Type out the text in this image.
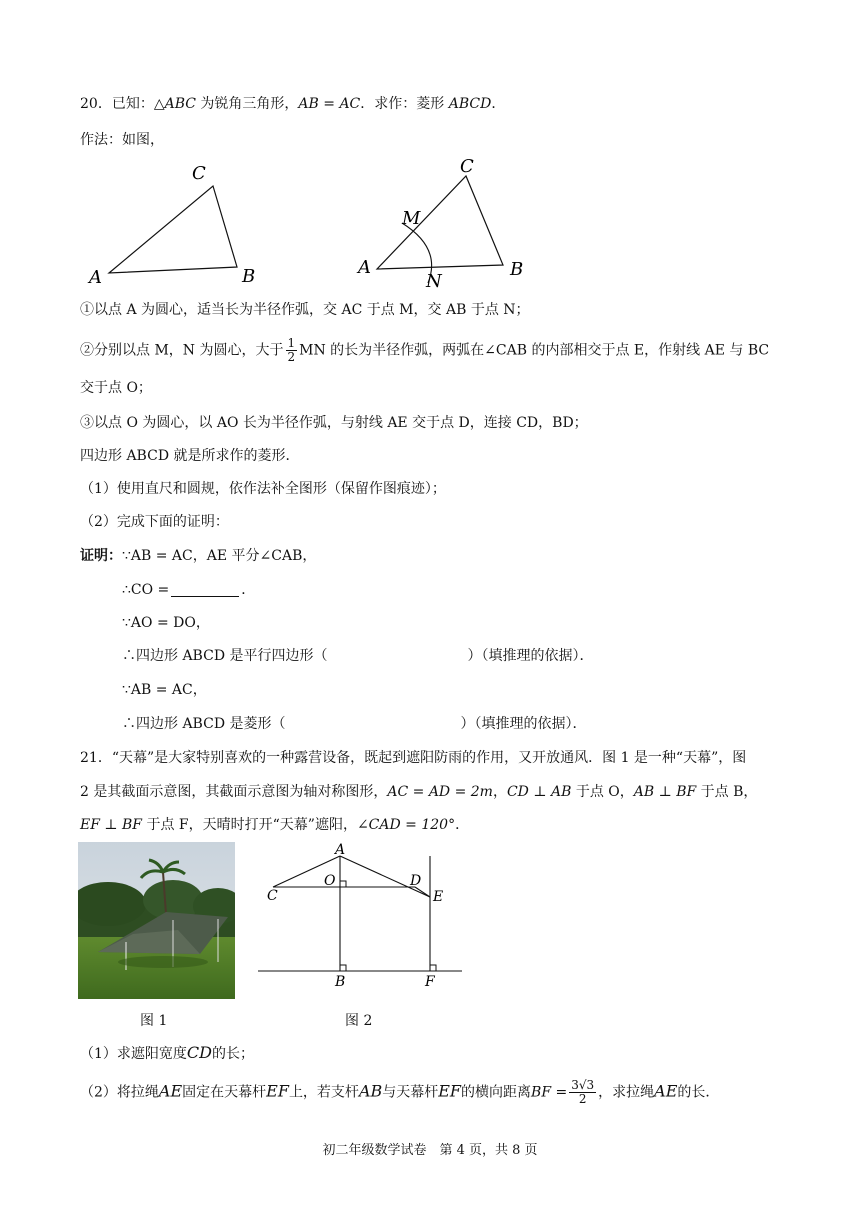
20．已知：△ABC 为锐角三角形，AB = AC．求作：菱形 ABCD．
作法：如图，
A
C
B	A
C
B
M
N
①以点 A 为圆心，适当长为半径作弧，交 AC 于点 M，交 AB 于点 N；
②分别以点 M，N 为圆心，大于 $\frac{1}{2}$ MN 的长为半径作弧，两弧在∠CAB 的内部相交于点 E，作射线 AE 与 BC
交于点 O；
③以点 O 为圆心，以 AO 长为半径作弧，与射线 AE 交于点 D，连接 CD，BD；
四边形 ABCD 就是所求作的菱形．
（1）使用直尺和圆规，依作法补全图形（保留作图痕迹）；
（2）完成下面的证明：
证明：∵AB = AC，AE 平分∠CAB，
∴CO =	．
∵AO = DO，
∴四边形 ABCD 是平行四边形（	）（填推理的依据）．
∵AB = AC，
∴四边形 ABCD 是菱形（	）（填推理的依据）．
21．“天幕”是大家特别喜欢的一种露营设备，既起到遮阳防雨的作用，又开放通风．图 1 是一种“天幕”，图
2 是其截面示意图，其截面示意图为轴对称图形，AC = AD = 2m，CD ⊥ AB 于点 O，AB ⊥ BF 于点 B，
EF ⊥ BF 于点 F，天晴时打开“天幕”遮阳，∠CAD = 120°．
A
C
O	D
E
B	F
图 1	图 2
（1）求遮阳宽度CD的长；
（2）将拉绳AE固定在天幕杆EF上，若支杆AB与天幕杆EF的横向距离BF = $\frac{3√3}{2}$ ，求拉绳AE的长．
初二年级数学试卷　第 4 页，共 8 页
